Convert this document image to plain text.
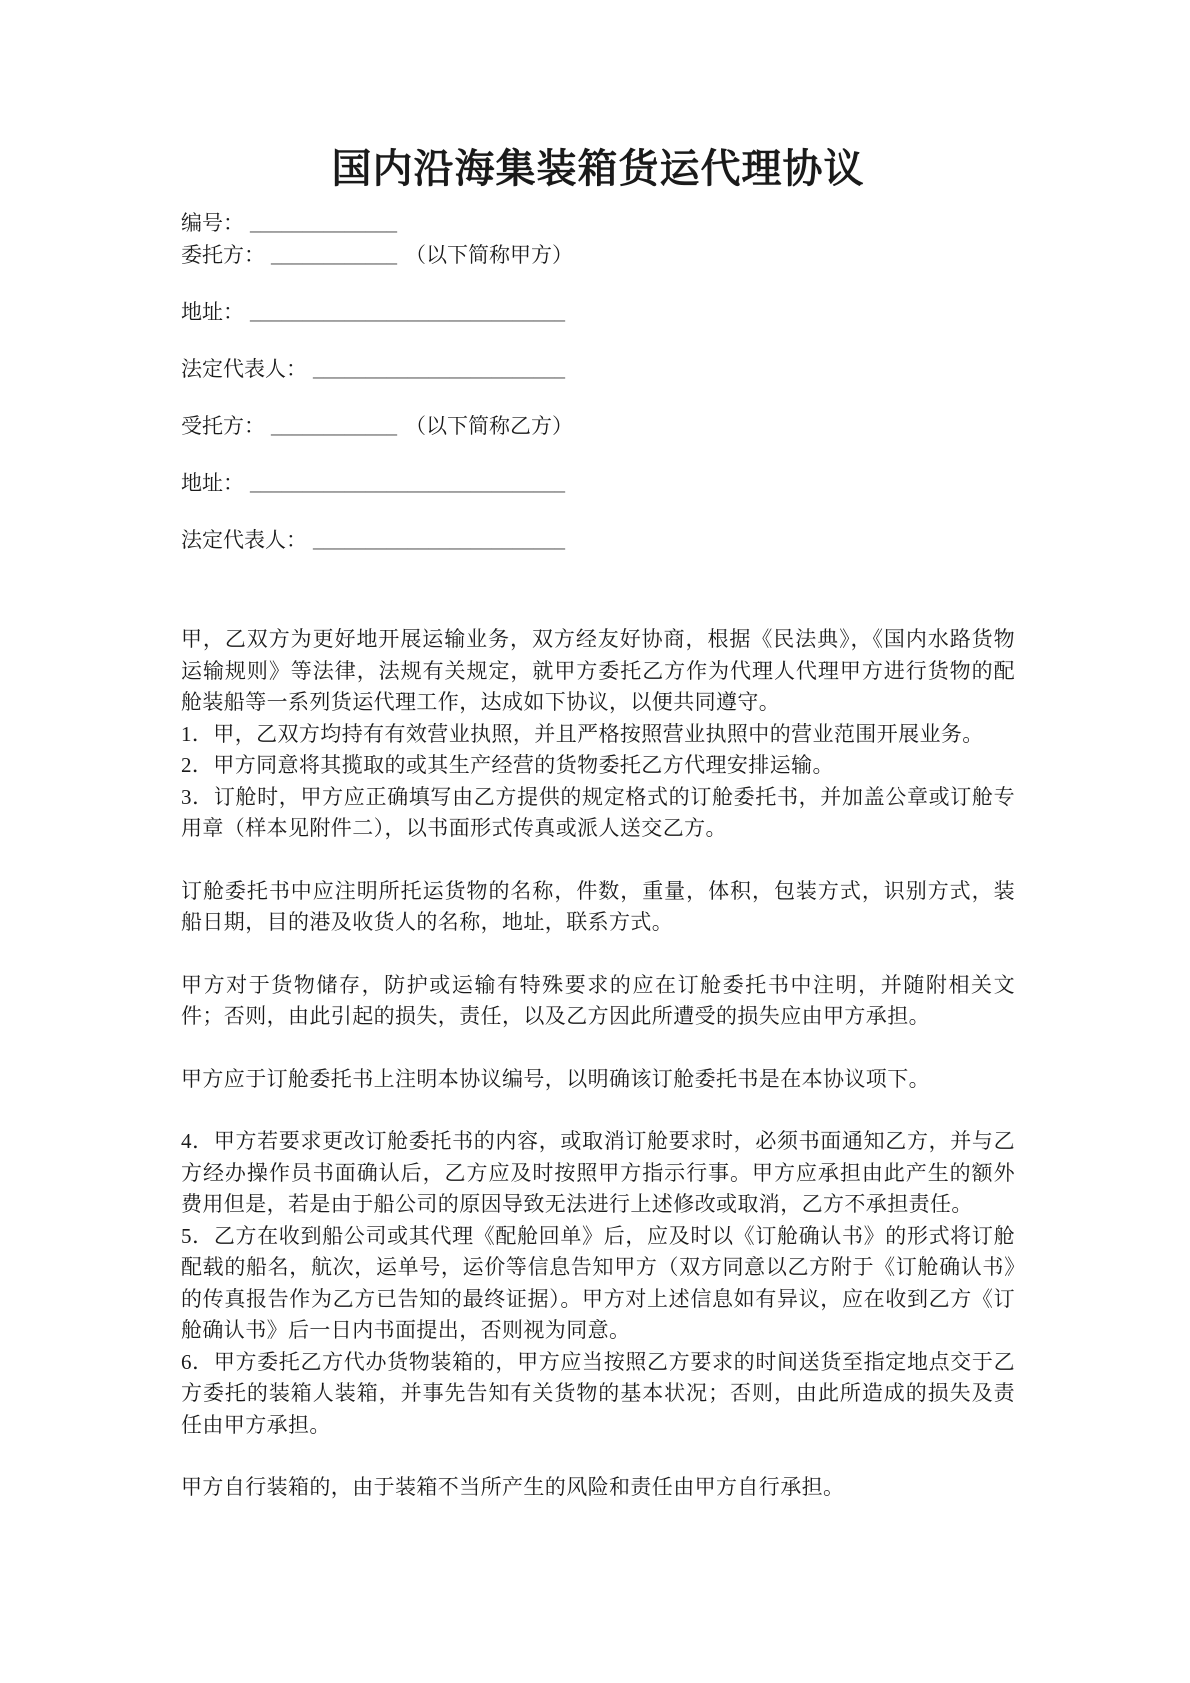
国内沿海集装箱货运代理协议
编号： ______________
委托方： ____________ （以下简称甲方）
地址： ______________________________
法定代表人： ________________________
受托方： ____________ （以下简称乙方）
地址： ______________________________
法定代表人： ________________________

甲，乙双方为更好地开展运输业务，双方经友好协商，根据《民法典》，《国内水路货物运输规则》等法律，法规有关规定，就甲方委托乙方作为代理人代理甲方进行货物的配舱装船等一系列货运代理工作，达成如下协议，以便共同遵守。

1．甲，乙双方均持有有效营业执照，并且严格按照营业执照中的营业范围开展业务。

2．甲方同意将其揽取的或其生产经营的货物委托乙方代理安排运输。

3．订舱时，甲方应正确填写由乙方提供的规定格式的订舱委托书，并加盖公章或订舱专用章（样本见附件二），以书面形式传真或派人送交乙方。

订舱委托书中应注明所托运货物的名称，件数，重量，体积，包装方式，识别方式，装船日期，目的港及收货人的名称，地址，联系方式。

甲方对于货物储存，防护或运输有特殊要求的应在订舱委托书中注明，并随附相关文件；否则，由此引起的损失，责任，以及乙方因此所遭受的损失应由甲方承担。

甲方应于订舱委托书上注明本协议编号，以明确该订舱委托书是在本协议项下。

4．甲方若要求更改订舱委托书的内容，或取消订舱要求时，必须书面通知乙方，并与乙方经办操作员书面确认后，乙方应及时按照甲方指示行事。甲方应承担由此产生的额外费用但是，若是由于船公司的原因导致无法进行上述修改或取消，乙方不承担责任。

5．乙方在收到船公司或其代理《配舱回单》后，应及时以《订舱确认书》的形式将订舱配载的船名，航次，运单号，运价等信息告知甲方（双方同意以乙方附于《订舱确认书》的传真报告作为乙方已告知的最终证据）。甲方对上述信息如有异议，应在收到乙方《订舱确认书》后一日内书面提出，否则视为同意。

6．甲方委托乙方代办货物装箱的，甲方应当按照乙方要求的时间送货至指定地点交于乙方委托的装箱人装箱，并事先告知有关货物的基本状况；否则，由此所造成的损失及责任由甲方承担。

甲方自行装箱的，由于装箱不当所产生的风险和责任由甲方自行承担。
